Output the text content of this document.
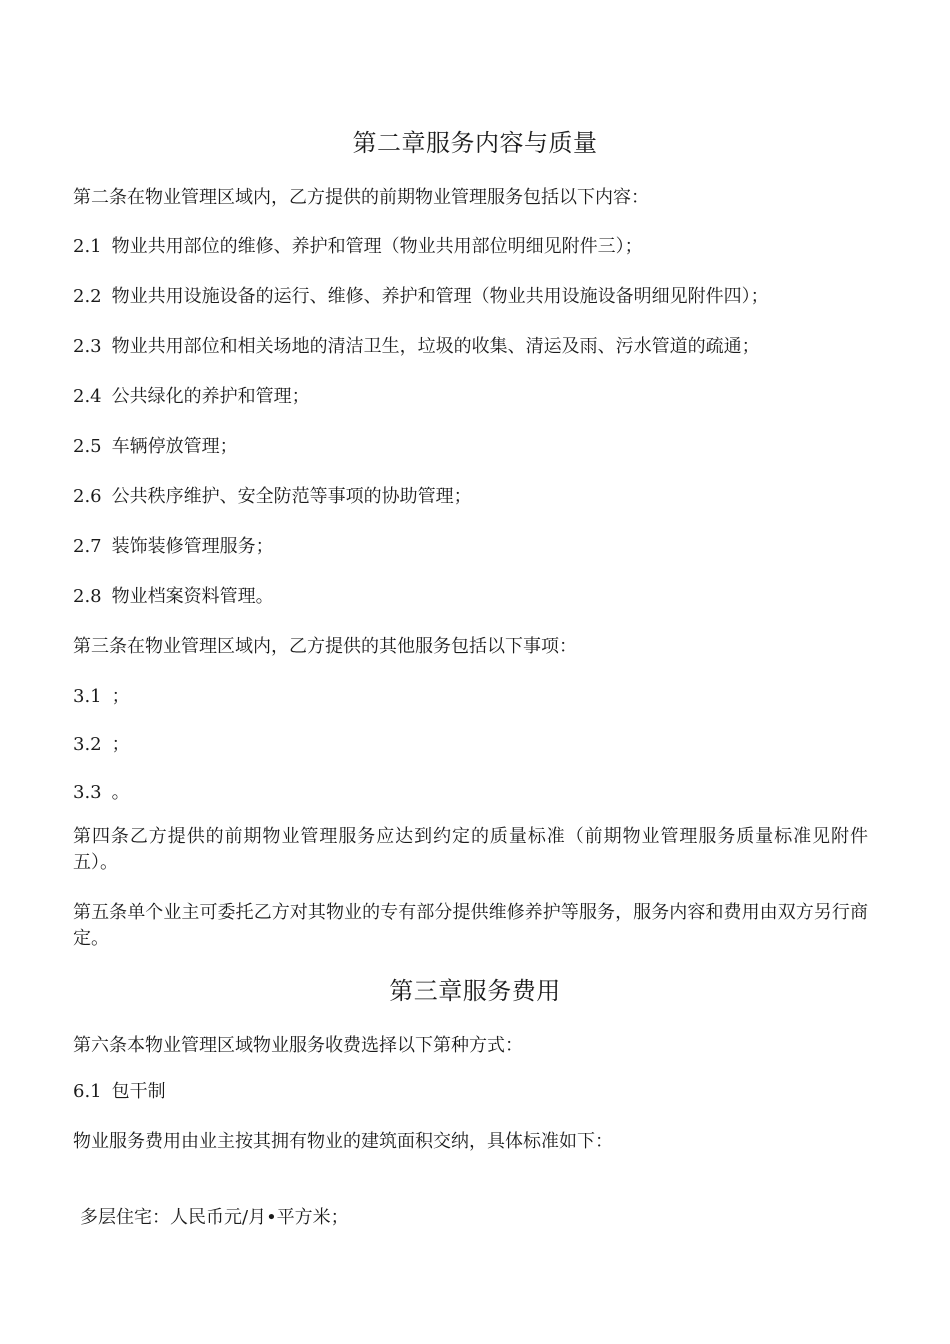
第二章服务内容与质量
第二条在物业管理区域内，乙方提供的前期物业管理服务包括以下内容：
2.1 物业共用部位的维修、养护和管理（物业共用部位明细见附件三）；
2.2 物业共用设施设备的运行、维修、养护和管理（物业共用设施设备明细见附件四）；
2.3 物业共用部位和相关场地的清洁卫生，垃圾的收集、清运及雨、污水管道的疏通；
2.4 公共绿化的养护和管理；
2.5 车辆停放管理；
2.6 公共秩序维护、安全防范等事项的协助管理；
2.7 装饰装修管理服务；
2.8 物业档案资料管理。
第三条在物业管理区域内，乙方提供的其他服务包括以下事项：
3.1 ；
3.2 ；
3.3 。
第四条乙方提供的前期物业管理服务应达到约定的质量标准（前期物业管理服务质量标准见附件五）。
第五条单个业主可委托乙方对其物业的专有部分提供维修养护等服务，服务内容和费用由双方另行商定。
第三章服务费用
第六条本物业管理区域物业服务收费选择以下第种方式：
6.1 包干制
物业服务费用由业主按其拥有物业的建筑面积交纳，具体标准如下：
多层住宅：人民币元/月•平方米；
